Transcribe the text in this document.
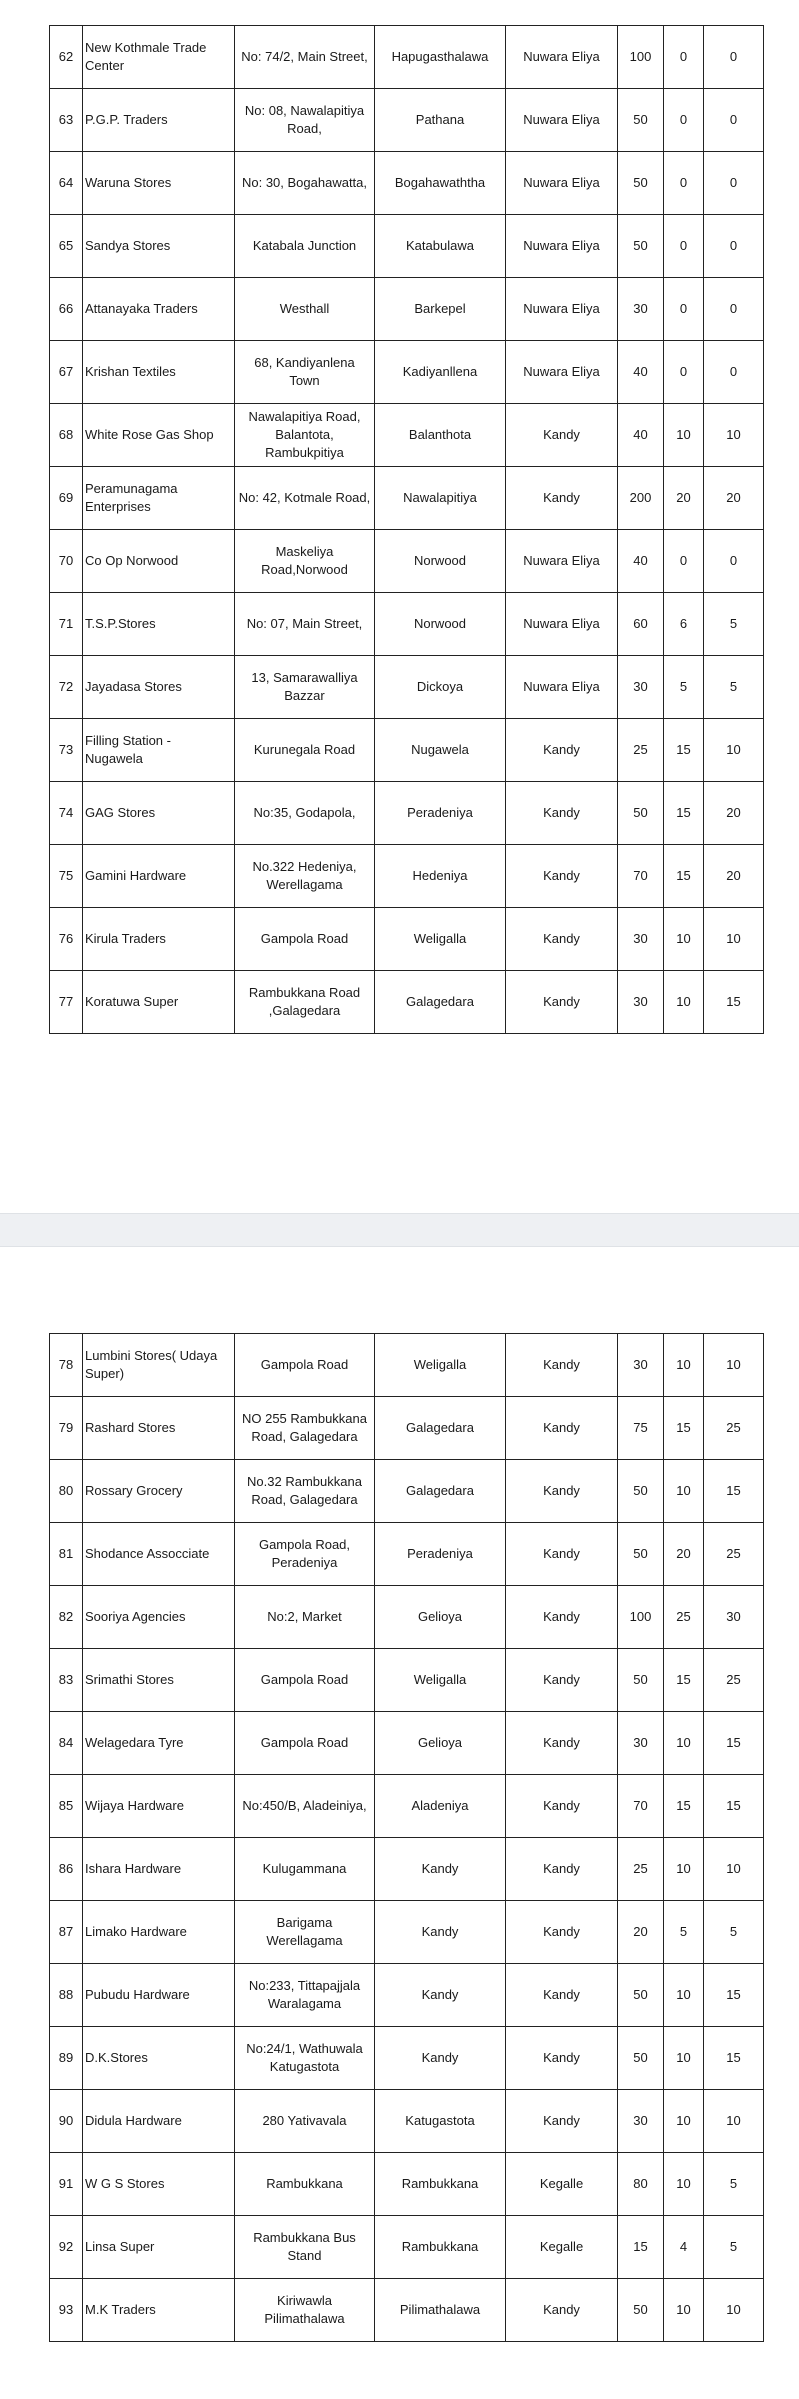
62	New Kothmale Trade Center	No: 74/2, Main Street,	Hapugasthalawa	Nuwara Eliya	100	0	0
63	P.G.P. Traders	No: 08, Nawalapitiya Road,	Pathana	Nuwara Eliya	50	0	0
64	Waruna Stores	No: 30, Bogahawatta,	Bogahawaththa	Nuwara Eliya	50	0	0
65	Sandya Stores	Katabala Junction	Katabulawa	Nuwara Eliya	50	0	0
66	Attanayaka Traders	Westhall	Barkepel	Nuwara Eliya	30	0	0
67	Krishan Textiles	68, Kandiyanlena Town	Kadiyanllena	Nuwara Eliya	40	0	0
68	White Rose Gas Shop	Nawalapitiya Road, Balantota, Rambukpitiya	Balanthota	Kandy	40	10	10
69	Peramunagama Enterprises	No: 42, Kotmale Road,	Nawalapitiya	Kandy	200	20	20
70	Co Op Norwood	Maskeliya Road,Norwood	Norwood	Nuwara Eliya	40	0	0
71	T.S.P.Stores	No: 07, Main Street,	Norwood	Nuwara Eliya	60	6	5
72	Jayadasa Stores	13, Samarawalliya Bazzar	Dickoya	Nuwara Eliya	30	5	5
73	Filling Station - Nugawela	Kurunegala Road	Nugawela	Kandy	25	15	10
74	GAG Stores	No:35, Godapola,	Peradeniya	Kandy	50	15	20
75	Gamini Hardware	No.322 Hedeniya, Werellagama	Hedeniya	Kandy	70	15	20
76	Kirula Traders	Gampola Road	Weligalla	Kandy	30	10	10
77	Koratuwa Super	Rambukkana Road ,Galagedara	Galagedara	Kandy	30	10	15
78	Lumbini Stores( Udaya Super)	Gampola Road	Weligalla	Kandy	30	10	10
79	Rashard Stores	NO 255 Rambukkana Road, Galagedara	Galagedara	Kandy	75	15	25
80	Rossary Grocery	No.32 Rambukkana Road, Galagedara	Galagedara	Kandy	50	10	15
81	Shodance Assocciate	Gampola Road, Peradeniya	Peradeniya	Kandy	50	20	25
82	Sooriya Agencies	No:2, Market	Gelioya	Kandy	100	25	30
83	Srimathi Stores	Gampola Road	Weligalla	Kandy	50	15	25
84	Welagedara Tyre	Gampola Road	Gelioya	Kandy	30	10	15
85	Wijaya Hardware	No:450/B, Aladeiniya,	Aladeniya	Kandy	70	15	15
86	Ishara Hardware	Kulugammana	Kandy	Kandy	25	10	10
87	Limako Hardware	Barigama Werellagama	Kandy	Kandy	20	5	5
88	Pubudu Hardware	No:233, Tittapajjala Waralagama	Kandy	Kandy	50	10	15
89	D.K.Stores	No:24/1, Wathuwala Katugastota	Kandy	Kandy	50	10	15
90	Didula Hardware	280 Yativavala	Katugastota	Kandy	30	10	10
91	W G S Stores	Rambukkana	Rambukkana	Kegalle	80	10	5
92	Linsa Super	Rambukkana Bus Stand	Rambukkana	Kegalle	15	4	5
93	M.K Traders	Kiriwawla Pilimathalawa	Pilimathalawa	Kandy	50	10	10
